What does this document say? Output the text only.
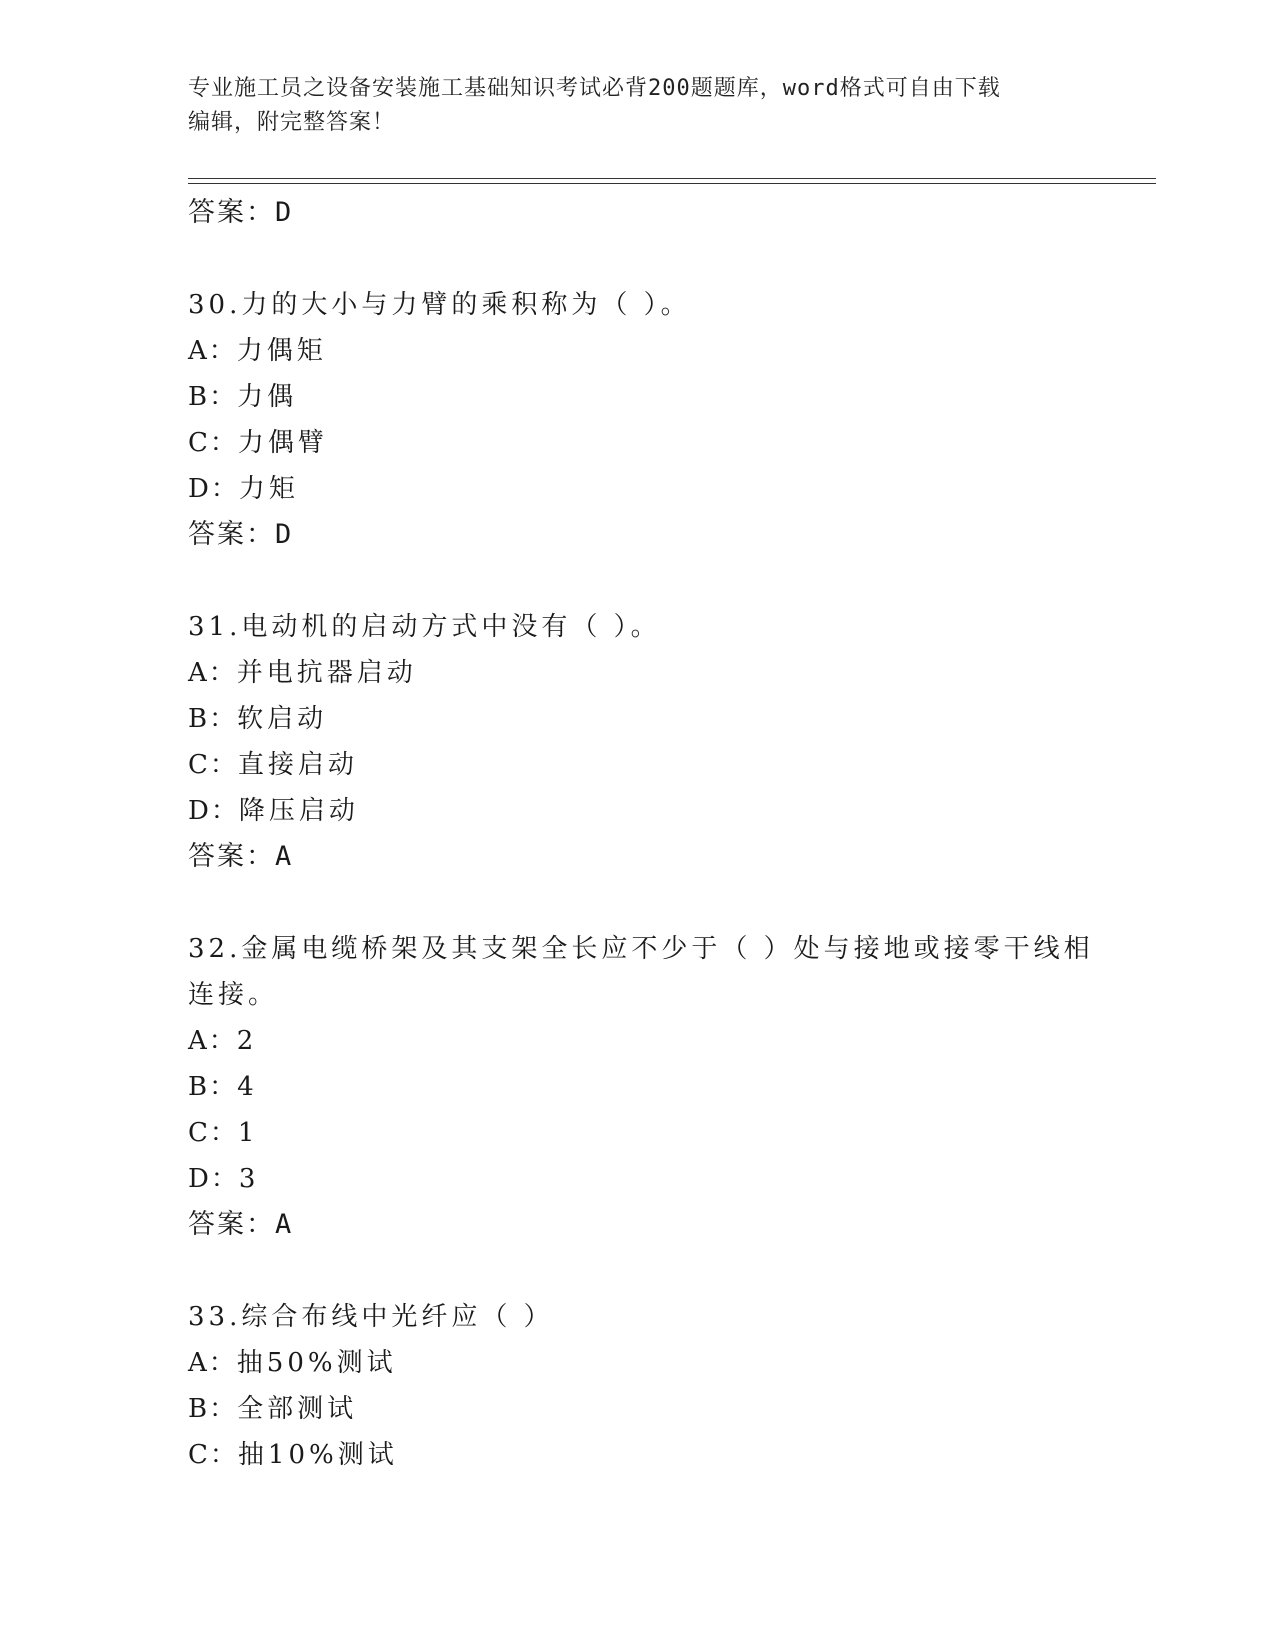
专业施工员之设备安装施工基础知识考试必背200题题库，word格式可自由下载
编辑，附完整答案！
答案：D
30.力的大小与力臂的乘积称为（ ）。
A：力偶矩
B：力偶
C：力偶臂
D：力矩
答案：D
31.电动机的启动方式中没有（ ）。
A：并电抗器启动
B：软启动
C：直接启动
D：降压启动
答案：A
32.金属电缆桥架及其支架全长应不少于（ ）处与接地或接零干线相
连接。
A：2
B：4
C：1
D：3
答案：A
33.综合布线中光纤应（ ）
A：抽50%测试
B：全部测试
C：抽10%测试
